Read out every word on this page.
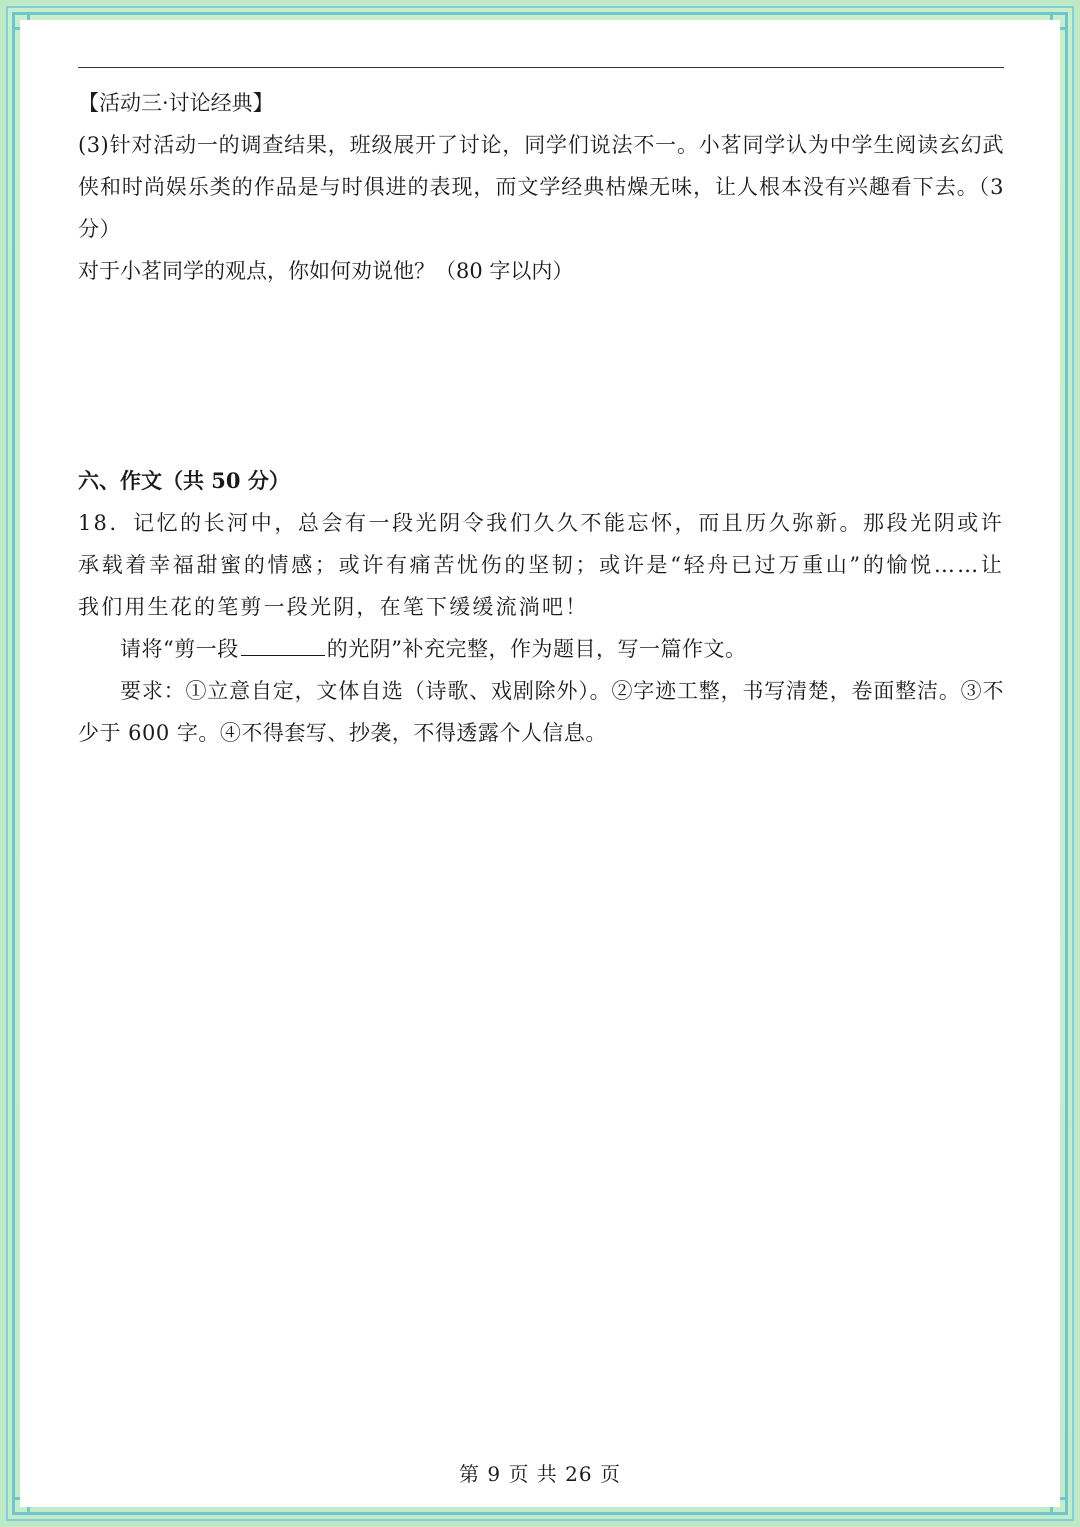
【活动三·讨论经典】

(3)针对活动一的调查结果，班级展开了讨论，同学们说法不一。小茗同学认为中学生阅读玄幻武侠和时尚娱乐类的作品是与时俱进的表现，而文学经典枯燥无味，让人根本没有兴趣看下去。（3分）

对于小茗同学的观点，你如何劝说他？（80 字以内）
六、作文（共 50 分）

18．记忆的长河中，总会有一段光阴令我们久久不能忘怀，而且历久弥新。那段光阴或许承载着幸福甜蜜的情感；或许有痛苦忧伤的坚韧；或许是“轻舟已过万重山”的愉悦……让我们用生花的笔剪一段光阴，在笔下缓缓流淌吧！

请将“剪一段	的光阴”补充完整，作为题目，写一篇作文。

要求：①立意自定，文体自选（诗歌、戏剧除外）。②字迹工整，书写清楚，卷面整洁。③不少于 600 字。④不得套写、抄袭，不得透露个人信息。

第 9 页 共 26 页
